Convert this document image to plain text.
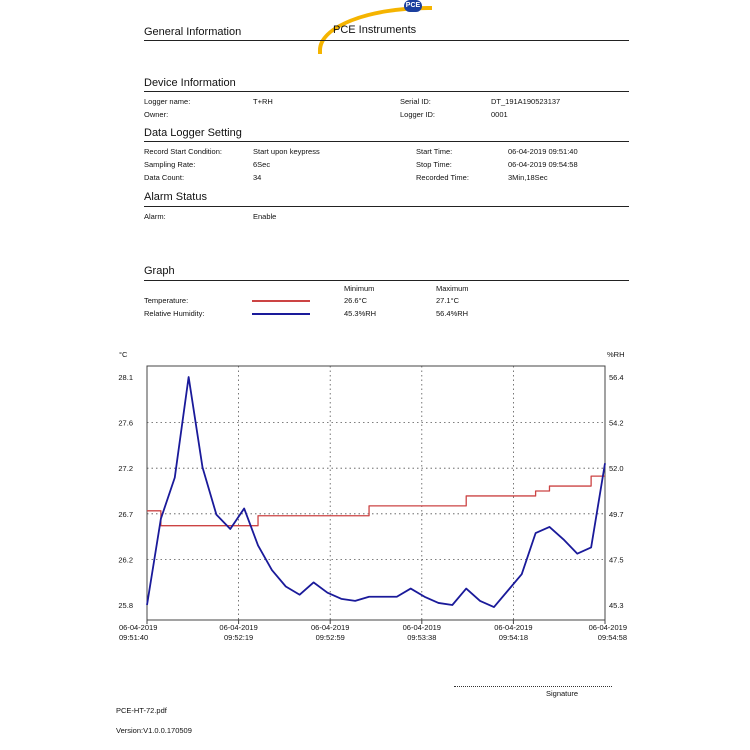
PCE
PCE Instruments
General Information
Device Information
Logger name:	T+RH
Owner:
Serial ID:	DT_191A190523137
Logger ID:	0001
Data Logger Setting
Record Start Condition:	Start upon keypress
Sampling Rate:	6Sec
Data Count:	34
Start Time:	06-04-2019 09:51:40
Stop Time:	06-04-2019 09:54:58
Recorded Time:	3Min,18Sec
Alarm Status
Alarm:	Enable
Graph
Minimum	Maximum
Temperature:	26.6°C	27.1°C
Relative Humidity:	45.3%RH	56.4%RH
28.1	56.4
27.6	54.2
27.2	52.0
26.7	49.7
26.2	47.5
25.8	45.3
°C	%RH
06-04-2019
09:51:40
06-04-2019
09:52:19
06-04-2019
09:52:59
06-04-2019
09:53:38
06-04-2019
09:54:18
06-04-2019
09:54:58
Signature
PCE-HT-72.pdf
Version:V1.0.0.170509
